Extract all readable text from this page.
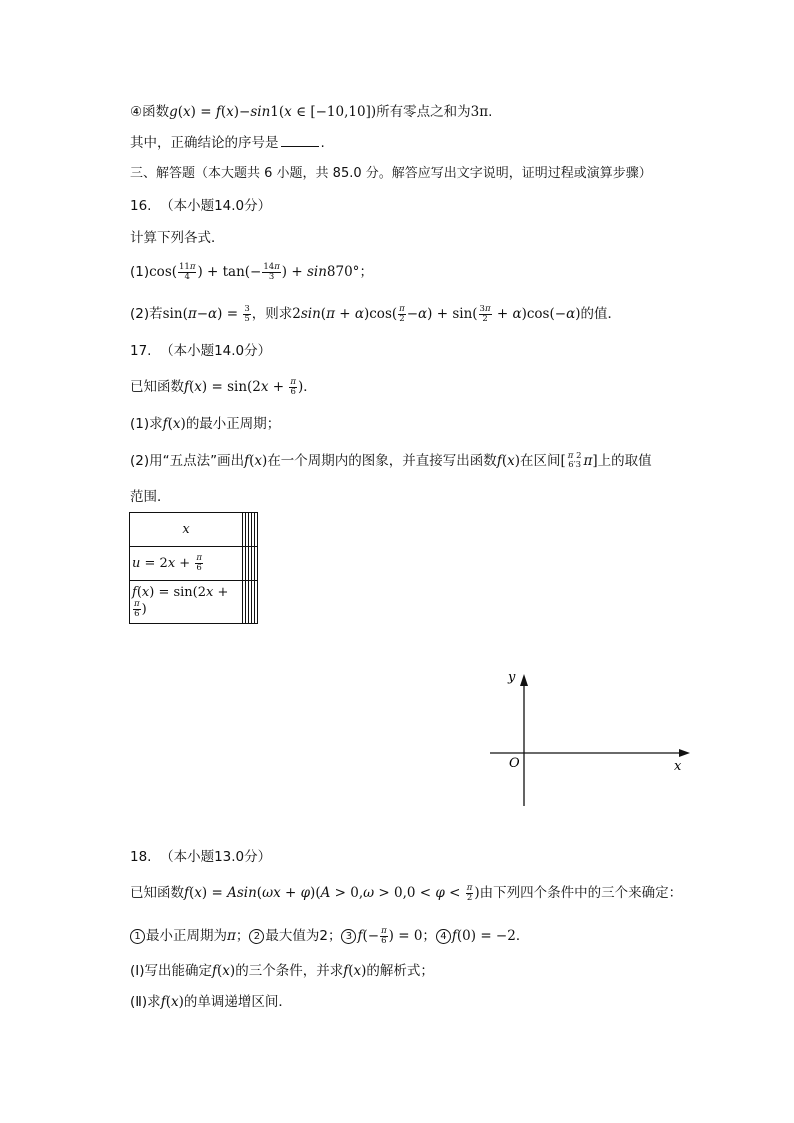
④函数g(x) = f(x)−sin1(x ∈ [−10,10])所有零点之和为3π.
其中，正确结论的序号是	.
三、解答题（本大题共 6 小题，共 85.0 分。解答应写出文字说明，证明过程或演算步骤）
16. （本小题14.0分）
计算下列各式．
$(1)\cos( \frac{11\pi}{4}$ ) + $\tan(- \frac{14\pi}{3}$ ) + sin870°；
(2)若$\sin(\pi-\alpha) = \frac{3}{5}$ ，则求$2\sin(\pi + \alpha)\cos( \frac{\pi}{2} -\alpha) + \sin( \frac{3\pi}{2} + \alpha)\cos(-\alpha)$的值．
17. （本小题14.0分）
已知函数$f(x) = \sin(2x + \frac{\pi}{6}$ )．
(1)求f(x)的最小正周期；
(2)用“五点法”画出f(x)在一个周期内的图象，并直接写出函数f(x)在区间[ π 2
6′3 π]上的取值
范围．
x					
$u = 2x + \frac{\pi}{6}$

f(x) = sin(2x +
$\frac{\pi}{6}$ )					
y
x
O
18. （本小题13.0分）
已知函数$f(x) = Asin(\omega x + \varphi)(A > 0,\omega > 0,0 < \varphi < \frac{\pi}{2}$ )由下列四个条件中的三个来确定：
1 最小正周期为π； 2 最大值为2； 3 $f(- \frac{\pi}{6}$ ) = 0； 4 f(0) = −2．
(Ⅰ)写出能确定f(x)的三个条件，并求f(x)的解析式；
(Ⅱ)求f(x)的单调递增区间．
